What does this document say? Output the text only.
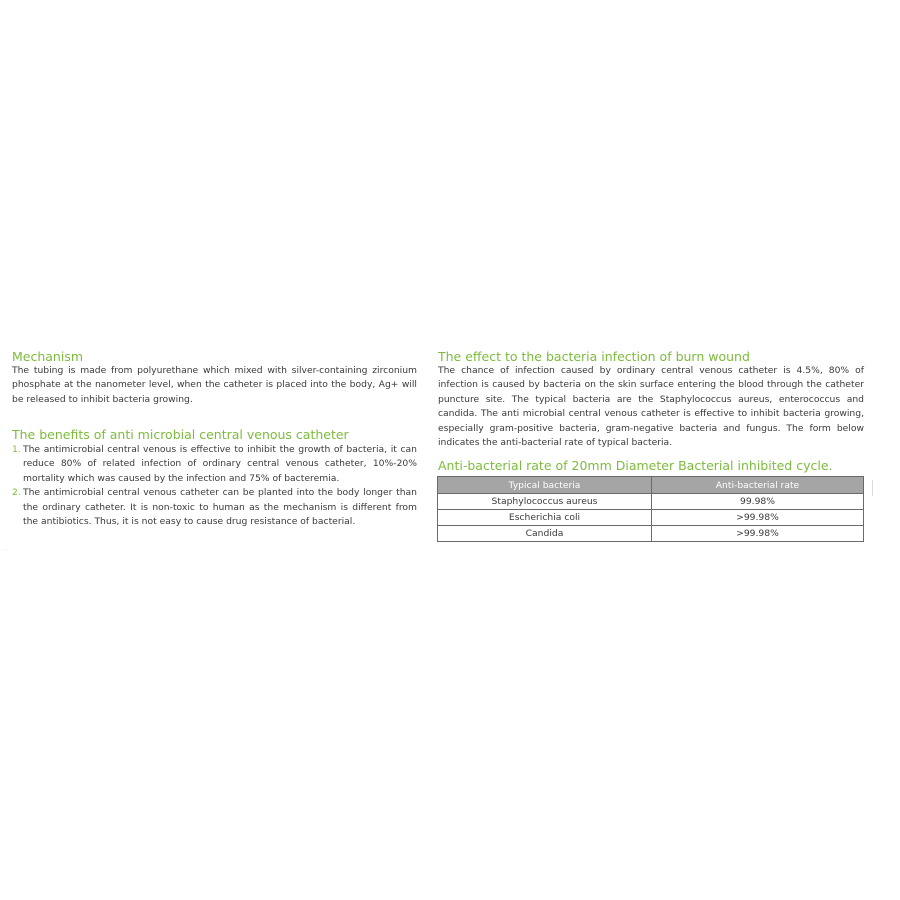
Mechanism

The tubing is made from polyurethane which mixed with silver-containing zirconium phosphate at the nanometer level, when the catheter is placed into the body, Ag+ will be released to inhibit bacteria growing.

The benefits of anti microbial central venous catheter
1. The antimicrobial central venous is effective to inhibit the growth of bacteria, it can reduce 80% of related infection of ordinary central venous catheter, 10%-20% mortality which was caused by the infection and 75% of bacteremia.
2. The antimicrobial central venous catheter can be planted into the body longer than the ordinary catheter. It is non-toxic to human as the mechanism is different from the antibiotics. Thus, it is not easy to cause drug resistance of bacterial.
The effect to the bacteria infection of burn wound

The chance of infection caused by ordinary central venous catheter is 4.5%, 80% of infection is caused by bacteria on the skin surface entering the blood through the catheter puncture site. The typical bacteria are the Staphylococcus aureus, enterococcus and candida. The anti microbial central venous catheter is effective to inhibit bacteria growing, especially gram-positive bacteria, gram-negative bacteria and fungus. The form below indicates the anti-bacterial rate of typical bacteria.

Anti-bacterial rate of 20mm Diameter Bacterial inhibited cycle.
Typical bacteria	Anti-bacterial rate
Staphylococcus aureus	99.98%
Escherichia coli	>99.98%
Candida	>99.98%
· ·
